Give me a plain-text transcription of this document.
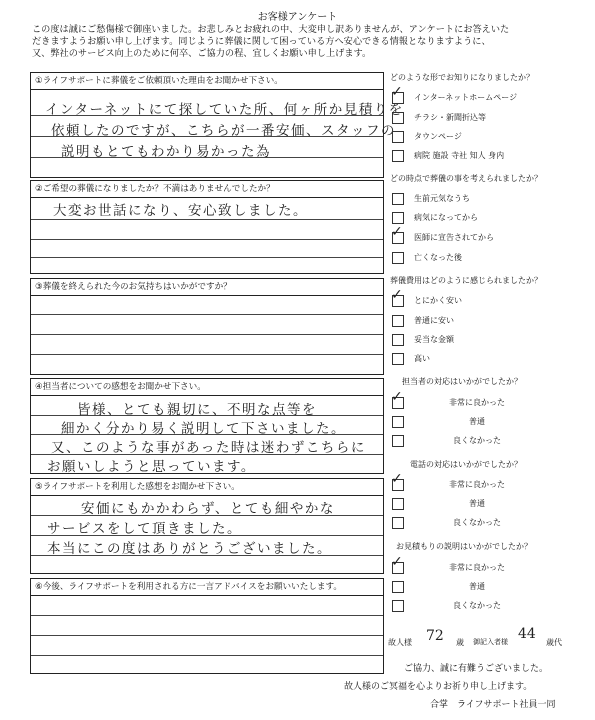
お客様アンケート
この度は誠にご愁傷様で御座いました。お悲しみとお疲れの中、大変申し訳ありませんが、アンケートにお答えいた
だきますようお願い申し上げます。同じように葬儀に関して困っている方へ安心できる情報となりますように、
又、弊社のサービス向上のために何卒、ご協力の程、宜しくお願い申し上げます。
①ライフサポートに葬儀をご依頼頂いた理由をお聞かせ下さい。
インターネットにて探していた所、何ヶ所か見積りを
依頼したのですが、こちらが一番安価、スタッフの
説明もとてもわかり易かった為
②ご希望の葬儀になりましたか？不満はありませんでしたか？
大変お世話になり、安心致しました。
③葬儀を終えられた今のお気持ちはいかがですか？
④担当者についての感想をお聞かせ下さい。
皆様、とても親切に、不明な点等を
細かく分かり易く説明して下さいました。
又、このような事があった時は迷わずこちらに
お願いしようと思っています。
⑤ライフサポートを利用した感想をお聞かせ下さい。
安価にもかかわらず、とても細やかな
サービスをして頂きました。
本当にこの度はありがとうございました。
⑥今後、ライフサポートを利用される方に一言アドバイスをお願いいたします。
どのような形でお知りになりましたか？
✓ インターネットホームページ
チラシ・新聞折込等
タウンページ
病院 施設 寺社 知人 身内
どの時点で葬儀の事を考えられましたか？
生前元気なうち
病気になってから
✓ 医師に宣告されてから
亡くなった後
葬儀費用はどのように感じられましたか？
✓ とにかく安い
普通に安い
妥当な金額
高い
担当者の対応はいかがでしたか？
✓	非常に良かった
普通
良くなかった
電話の対応はいかがでしたか？
✓	非常に良かった
普通
良くなかった
お見積もりの説明はいかがでしたか？
✓	非常に良かった
普通
良くなかった
故人様 72 歳 御記入者様 44
歳代
ご協力、誠に有難うございました。
故人様のご冥福を心よりお祈り申し上げます。
合掌　ライフサポート社員一同
